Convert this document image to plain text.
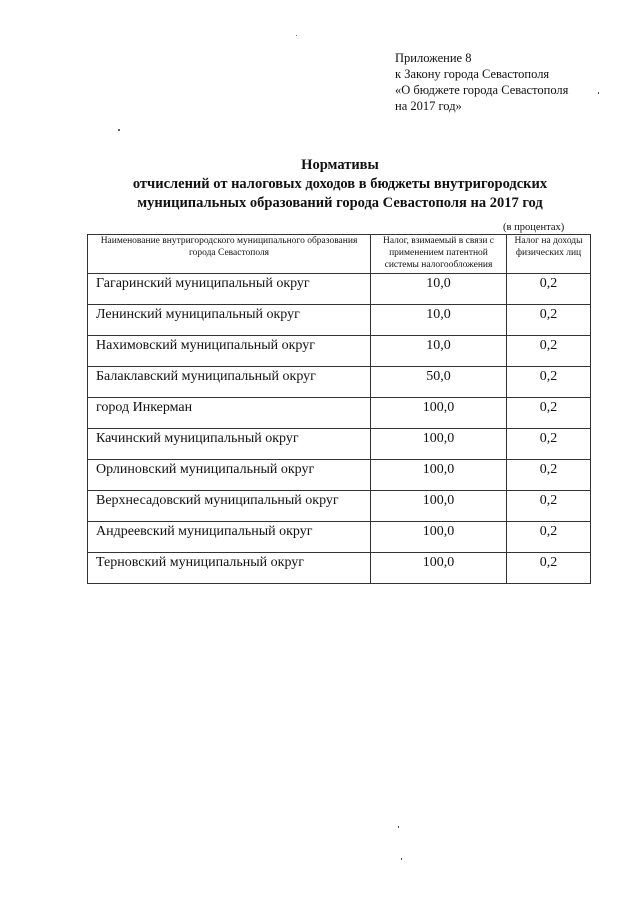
Приложение 8
к Закону города Севастополя
«О бюджете города Севастополя
на 2017 год»
Нормативы
отчислений от налоговых доходов в бюджеты внутригородских
муниципальных образований города Севастополя на 2017 год
(в процентах)
Наименование внутригородского муниципального образования города Севастополя	Налог, взимаемый в связи с применением патентной системы налогообложения	Налог на доходы физических лиц
Гагаринский муниципальный округ	10,0	0,2
Ленинский муниципальный округ	10,0	0,2
Нахимовский муниципальный округ	10,0	0,2
Балаклавский муниципальный округ	50,0	0,2
город Инкерман	100,0	0,2
Качинский муниципальный округ	100,0	0,2
Орлиновский муниципальный округ	100,0	0,2
Верхнесадовский муниципальный округ	100,0	0,2
Андреевский муниципальный округ	100,0	0,2
Терновский муниципальный округ	100,0	0,2
